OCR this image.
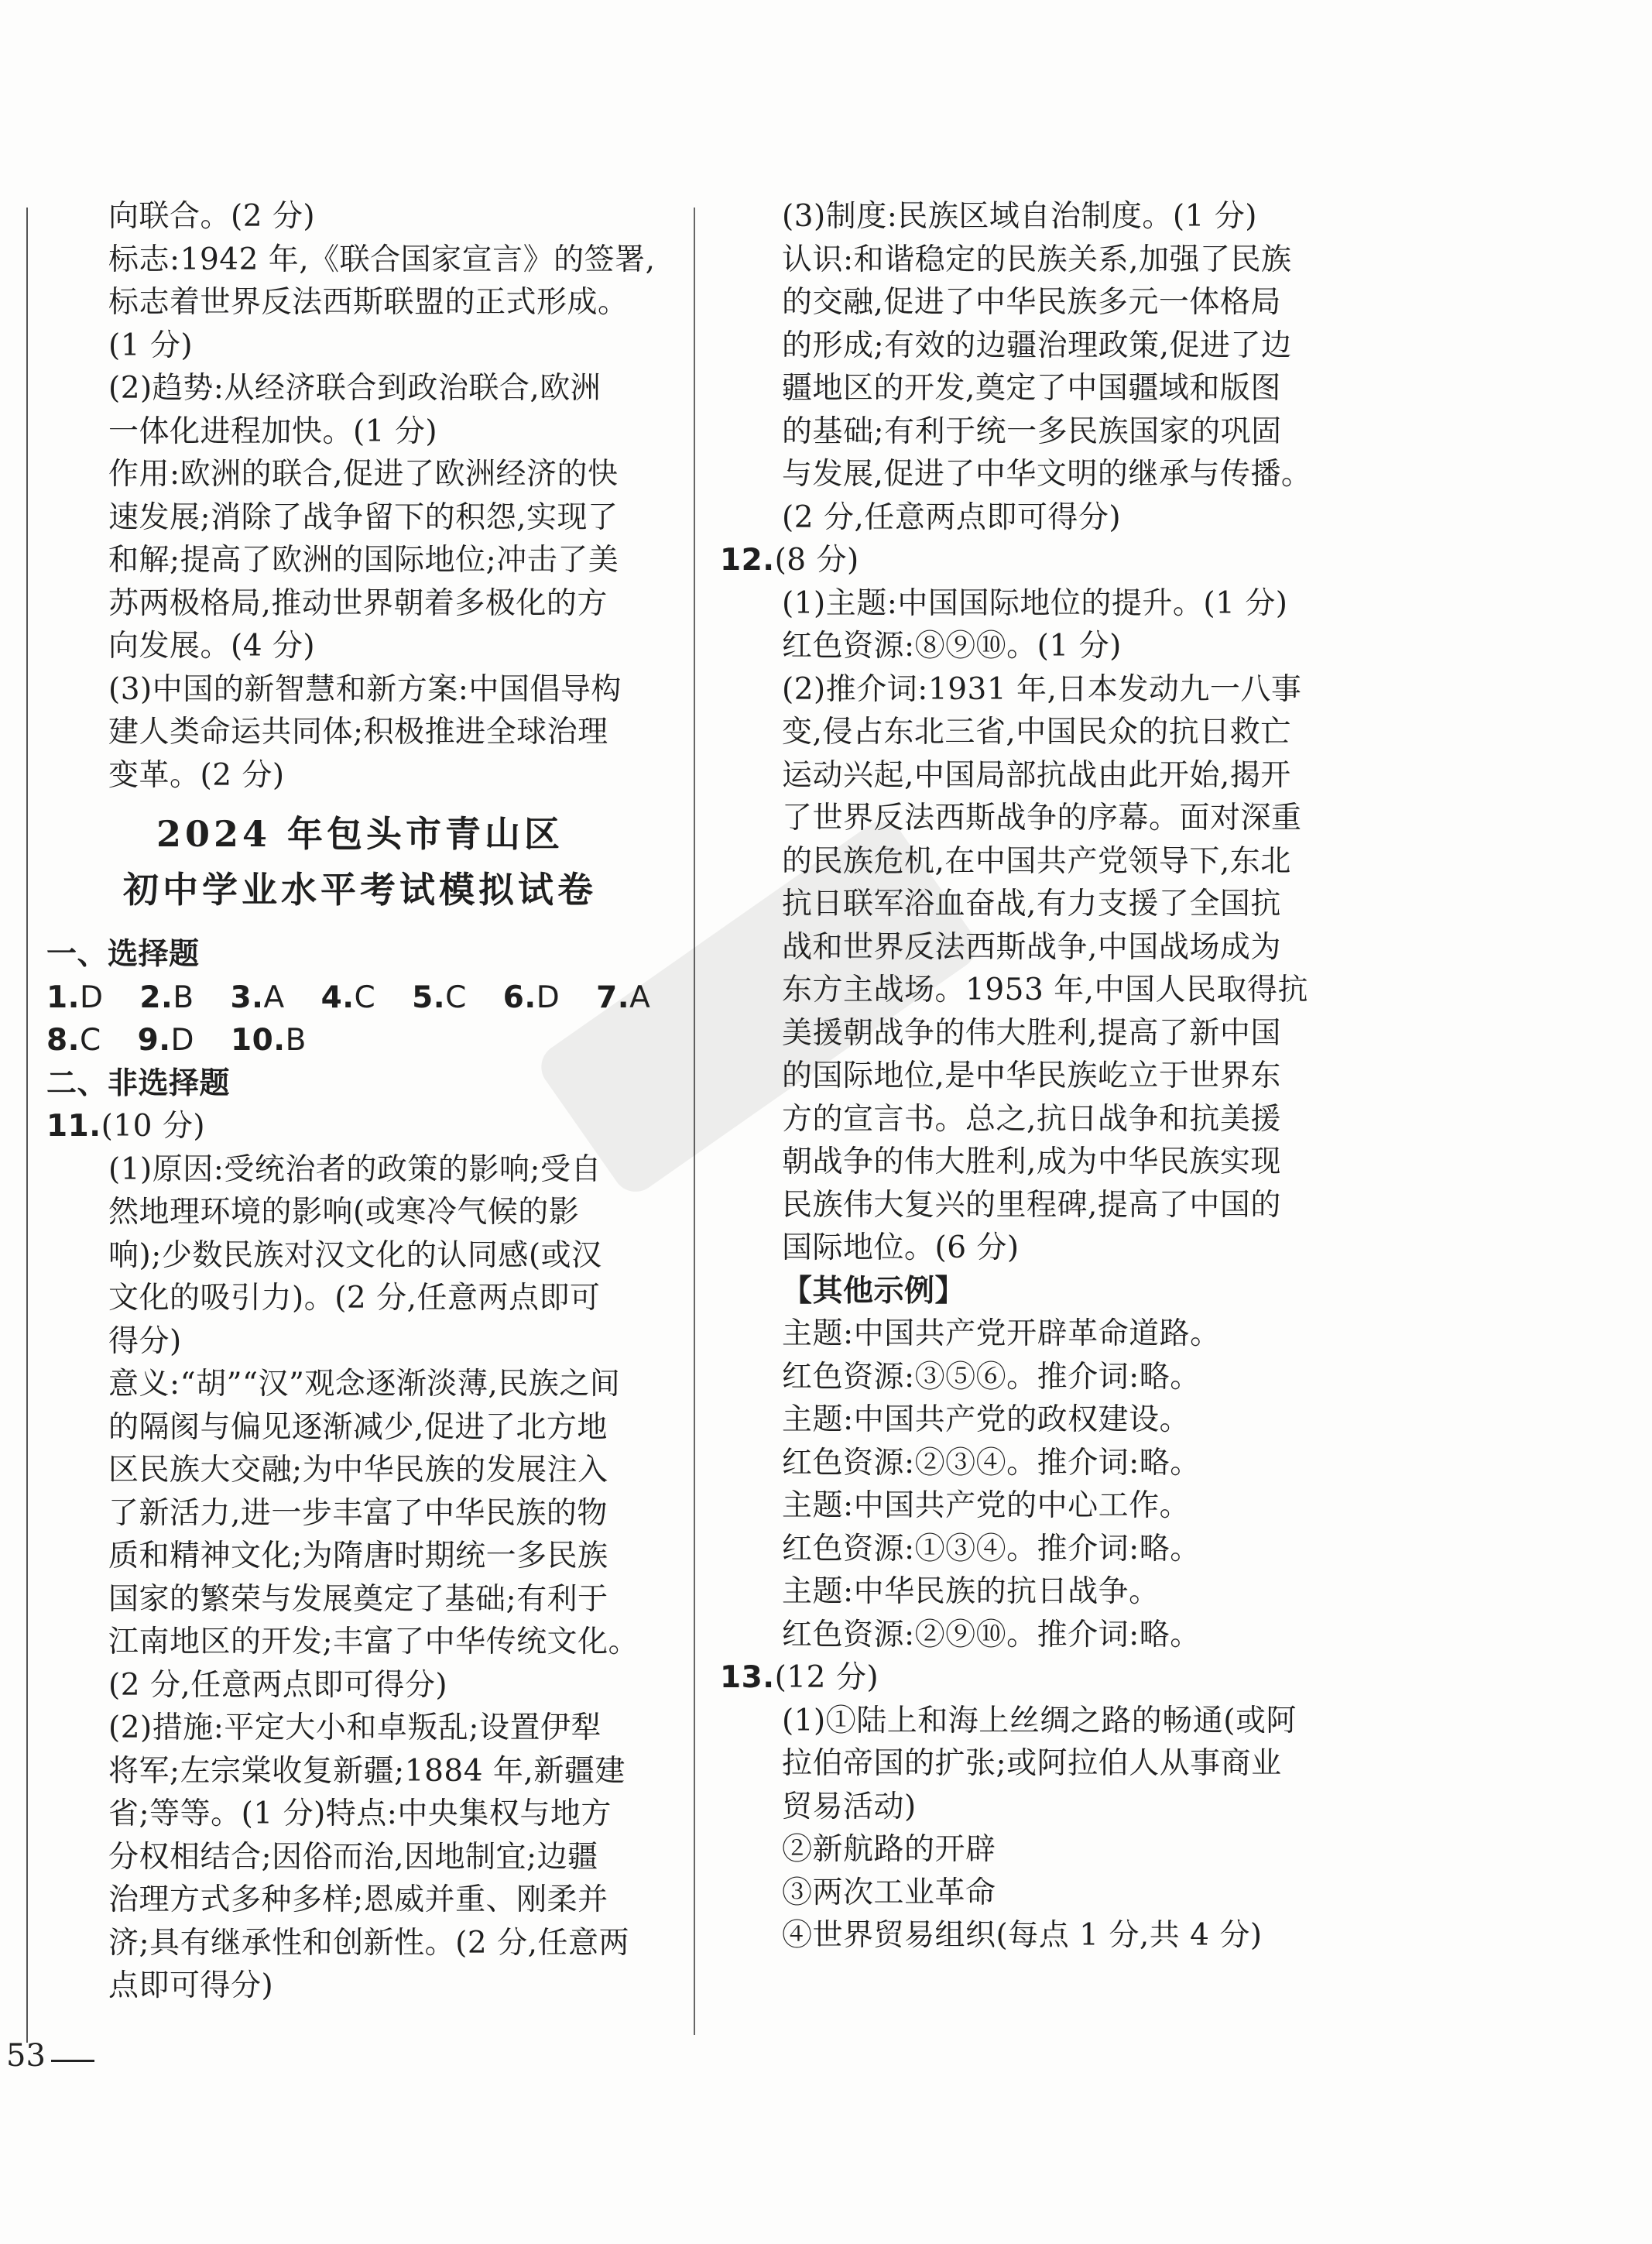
向联合。(2 分)
标志:1942 年,《联合国家宣言》的签署,
标志着世界反法西斯联盟的正式形成。
(1 分)
(2)趋势:从经济联合到政治联合,欧洲
一体化进程加快。(1 分)
作用:欧洲的联合,促进了欧洲经济的快
速发展;消除了战争留下的积怨,实现了
和解;提高了欧洲的国际地位;冲击了美
苏两极格局,推动世界朝着多极化的方
向发展。(4 分)
(3)中国的新智慧和新方案:中国倡导构
建人类命运共同体;积极推进全球治理
变革。(2 分)
2024 年包头市青山区
初中学业水平考试模拟试卷
一、选择题
1.D 2.B 3.A 4.C 5.C 6.D 7.A
8.C 9.D 10.B
二、非选择题
11.(10 分)
(1)原因:受统治者的政策的影响;受自
然地理环境的影响(或寒冷气候的影
响);少数民族对汉文化的认同感(或汉
文化的吸引力)。(2 分,任意两点即可
得分)
意义:“胡”“汉”观念逐渐淡薄,民族之间
的隔阂与偏见逐渐减少,促进了北方地
区民族大交融;为中华民族的发展注入
了新活力,进一步丰富了中华民族的物
质和精神文化;为隋唐时期统一多民族
国家的繁荣与发展奠定了基础;有利于
江南地区的开发;丰富了中华传统文化。
(2 分,任意两点即可得分)
(2)措施:平定大小和卓叛乱;设置伊犁
将军;左宗棠收复新疆;1884 年,新疆建
省;等等。(1 分)特点:中央集权与地方
分权相结合;因俗而治,因地制宜;边疆
治理方式多种多样;恩威并重、刚柔并
济;具有继承性和创新性。(2 分,任意两
点即可得分)
(3)制度:民族区域自治制度。(1 分)
认识:和谐稳定的民族关系,加强了民族
的交融,促进了中华民族多元一体格局
的形成;有效的边疆治理政策,促进了边
疆地区的开发,奠定了中国疆域和版图
的基础;有利于统一多民族国家的巩固
与发展,促进了中华文明的继承与传播。
(2 分,任意两点即可得分)
12.(8 分)
(1)主题:中国国际地位的提升。(1 分)
红色资源:⑧⑨⑩。(1 分)
(2)推介词:1931 年,日本发动九一八事
变,侵占东北三省,中国民众的抗日救亡
运动兴起,中国局部抗战由此开始,揭开
了世界反法西斯战争的序幕。面对深重
的民族危机,在中国共产党领导下,东北
抗日联军浴血奋战,有力支援了全国抗
战和世界反法西斯战争,中国战场成为
东方主战场。1953 年,中国人民取得抗
美援朝战争的伟大胜利,提高了新中国
的国际地位,是中华民族屹立于世界东
方的宣言书。总之,抗日战争和抗美援
朝战争的伟大胜利,成为中华民族实现
民族伟大复兴的里程碑,提高了中国的
国际地位。(6 分)
【其他示例】
主题:中国共产党开辟革命道路。
红色资源:③⑤⑥。推介词:略。
主题:中国共产党的政权建设。
红色资源:②③④。推介词:略。
主题:中国共产党的中心工作。
红色资源:①③④。推介词:略。
主题:中华民族的抗日战争。
红色资源:②⑨⑩。推介词:略。
13.(12 分)
(1)①陆上和海上丝绸之路的畅通(或阿
拉伯帝国的扩张;或阿拉伯人从事商业
贸易活动)
②新航路的开辟
③两次工业革命
④世界贸易组织(每点 1 分,共 4 分)
53
